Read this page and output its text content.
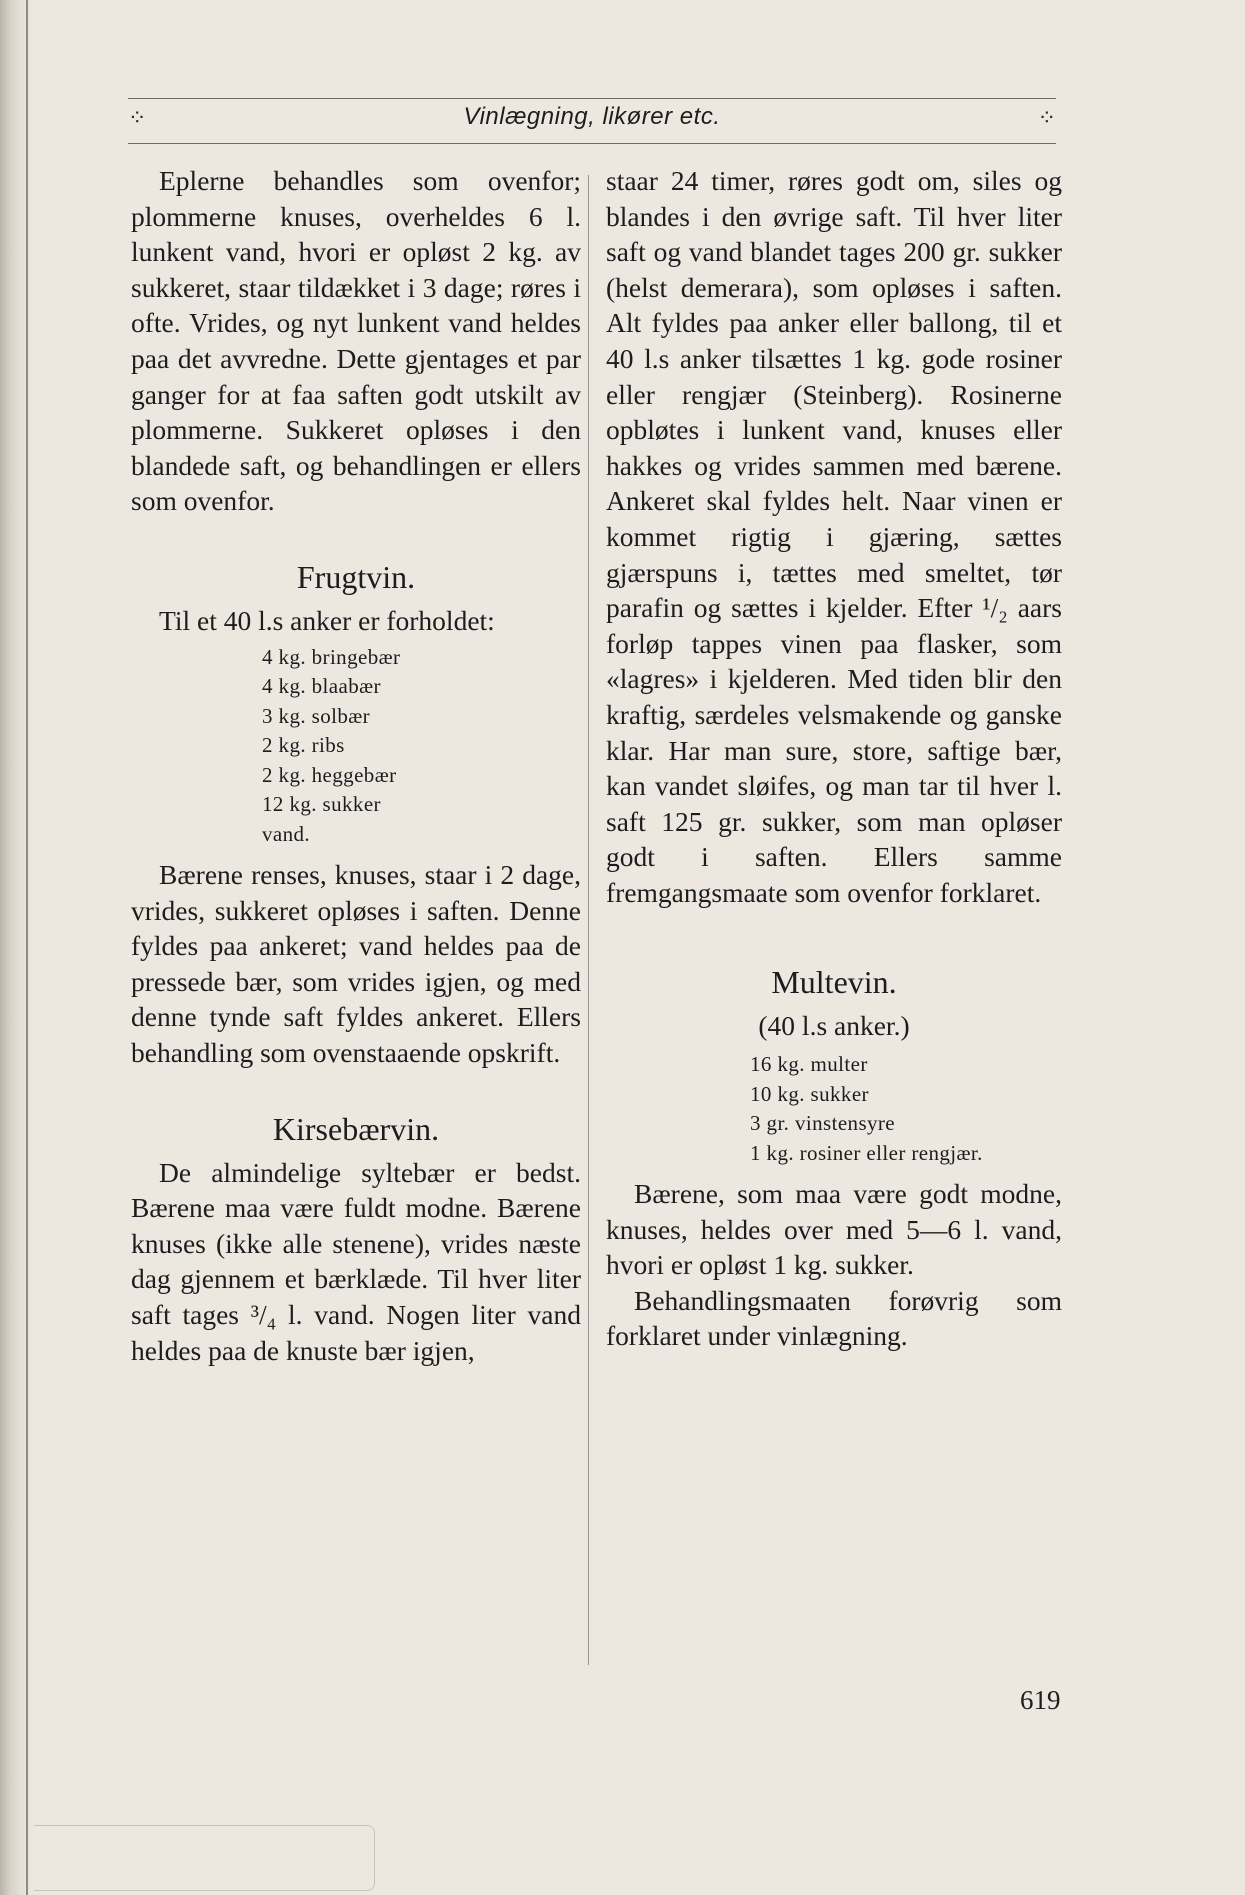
⁘	Vinlægning, likører etc.	⁘

Eplerne behandles som ovenfor; plommerne knuses, overheldes 6 l. lunkent vand, hvori er opløst 2 kg. av sukkeret, staar tildækket i 3 dage; røres i ofte. Vrides, og nyt lunkent vand heldes paa det avvredne. Dette gjentages et par ganger for at faa saften godt utskilt av plommerne. Sukkeret opløses i den blandede saft, og behandlingen er ellers som ovenfor.

Frugtvin.

Til et 40 l.s anker er forholdet:

4 kg. bringebær
4 kg. blaabær
3 kg. solbær
2 kg. ribs
2 kg. heggebær
12 kg. sukker
vand.

Bærene renses, knuses, staar i 2 dage, vrides, sukkeret opløses i saften. Denne fyldes paa ankeret; vand heldes paa de pressede bær, som vrides igjen, og med denne tynde saft fyldes ankeret. Ellers behandling som ovenstaaende opskrift.

Kirsebærvin.

De almindelige syltebær er bedst. Bærene maa være fuldt modne. Bærene knuses (ikke alle stenene), vrides næste dag gjennem et bærklæde. Til hver liter saft tages ³/₄ l. vand. Nogen liter vand heldes paa de knuste bær igjen,

staar 24 timer, røres godt om, siles og blandes i den øvrige saft. Til hver liter saft og vand blandet tages 200 gr. sukker (helst demerara), som opløses i saften. Alt fyldes paa anker eller ballong, til et 40 l.s anker tilsættes 1 kg. gode rosiner eller rengjær (Steinberg). Rosinerne opbløtes i lunkent vand, knuses eller hakkes og vrides sammen med bærene. Ankeret skal fyldes helt. Naar vinen er kommet rigtig i gjæring, sættes gjærspuns i, tættes med smeltet, tør parafin og sættes i kjelder. Efter ¹/₂ aars forløp tappes vinen paa flasker, som «lagres» i kjelderen. Med tiden blir den kraftig, særdeles velsmakende og ganske klar. Har man sure, store, saftige bær, kan vandet sløifes, og man tar til hver l. saft 125 gr. sukker, som man opløser godt i saften. Ellers samme fremgangsmaate som ovenfor forklaret.

Multevin.

(40 l.s anker.)

16 kg. multer
10 kg. sukker
3 gr. vinstensyre
1 kg. rosiner eller rengjær.

Bærene, som maa være godt modne, knuses, heldes over med 5—6 l. vand, hvori er opløst 1 kg. sukker.

Behandlingsmaaten forøvrig som forklaret under vinlægning.

619
